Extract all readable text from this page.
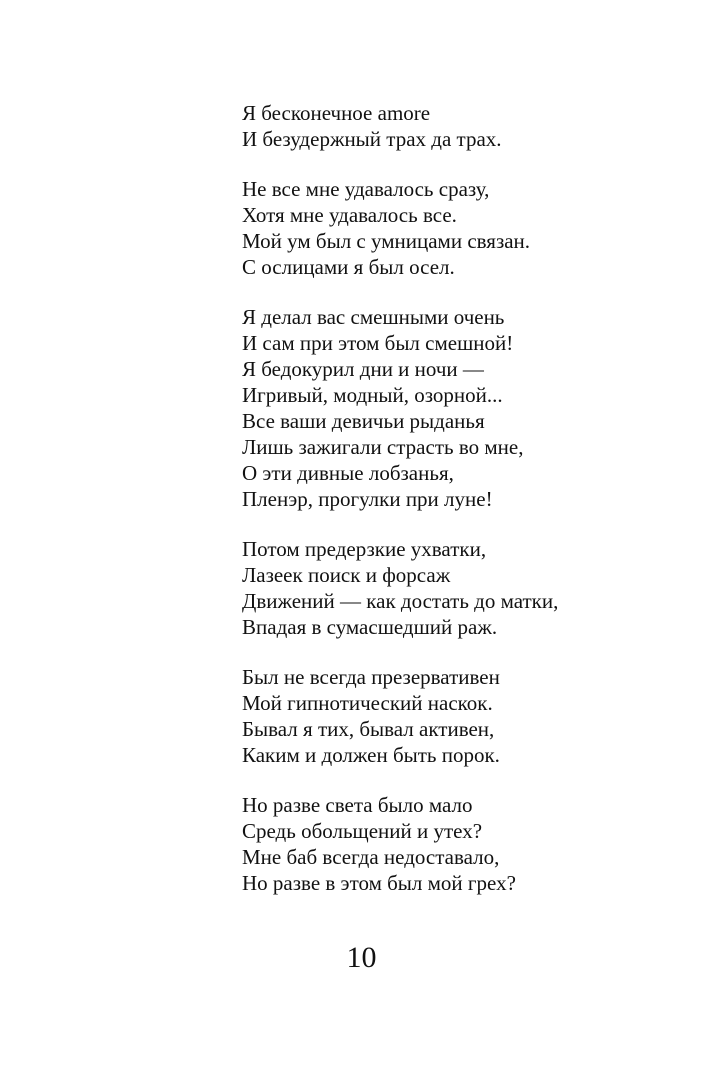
Я бесконечное amore
И безудержный трах да трах.
Не все мне удавалось сразу,
Хотя мне удавалось все.
Мой ум был с умницами связан.
С ослицами я был осел.
Я делал вас смешными очень
И сам при этом был смешной!
Я бедокурил дни и ночи —
Игривый, модный, озорной...
Все ваши девичьи рыданья
Лишь зажигали страсть во мне,
О эти дивные лобзанья,
Пленэр, прогулки при луне!
Потом предерзкие ухватки,
Лазеек поиск и форсаж
Движений — как достать до матки,
Впадая в сумасшедший раж.
Был не всегда презервативен
Мой гипнотический наскок.
Бывал я тих, бывал активен,
Каким и должен быть порок.
Но разве света было мало
Средь обольщений и утех?
Мне баб всегда недоставало,
Но разве в этом был мой грех?
10
